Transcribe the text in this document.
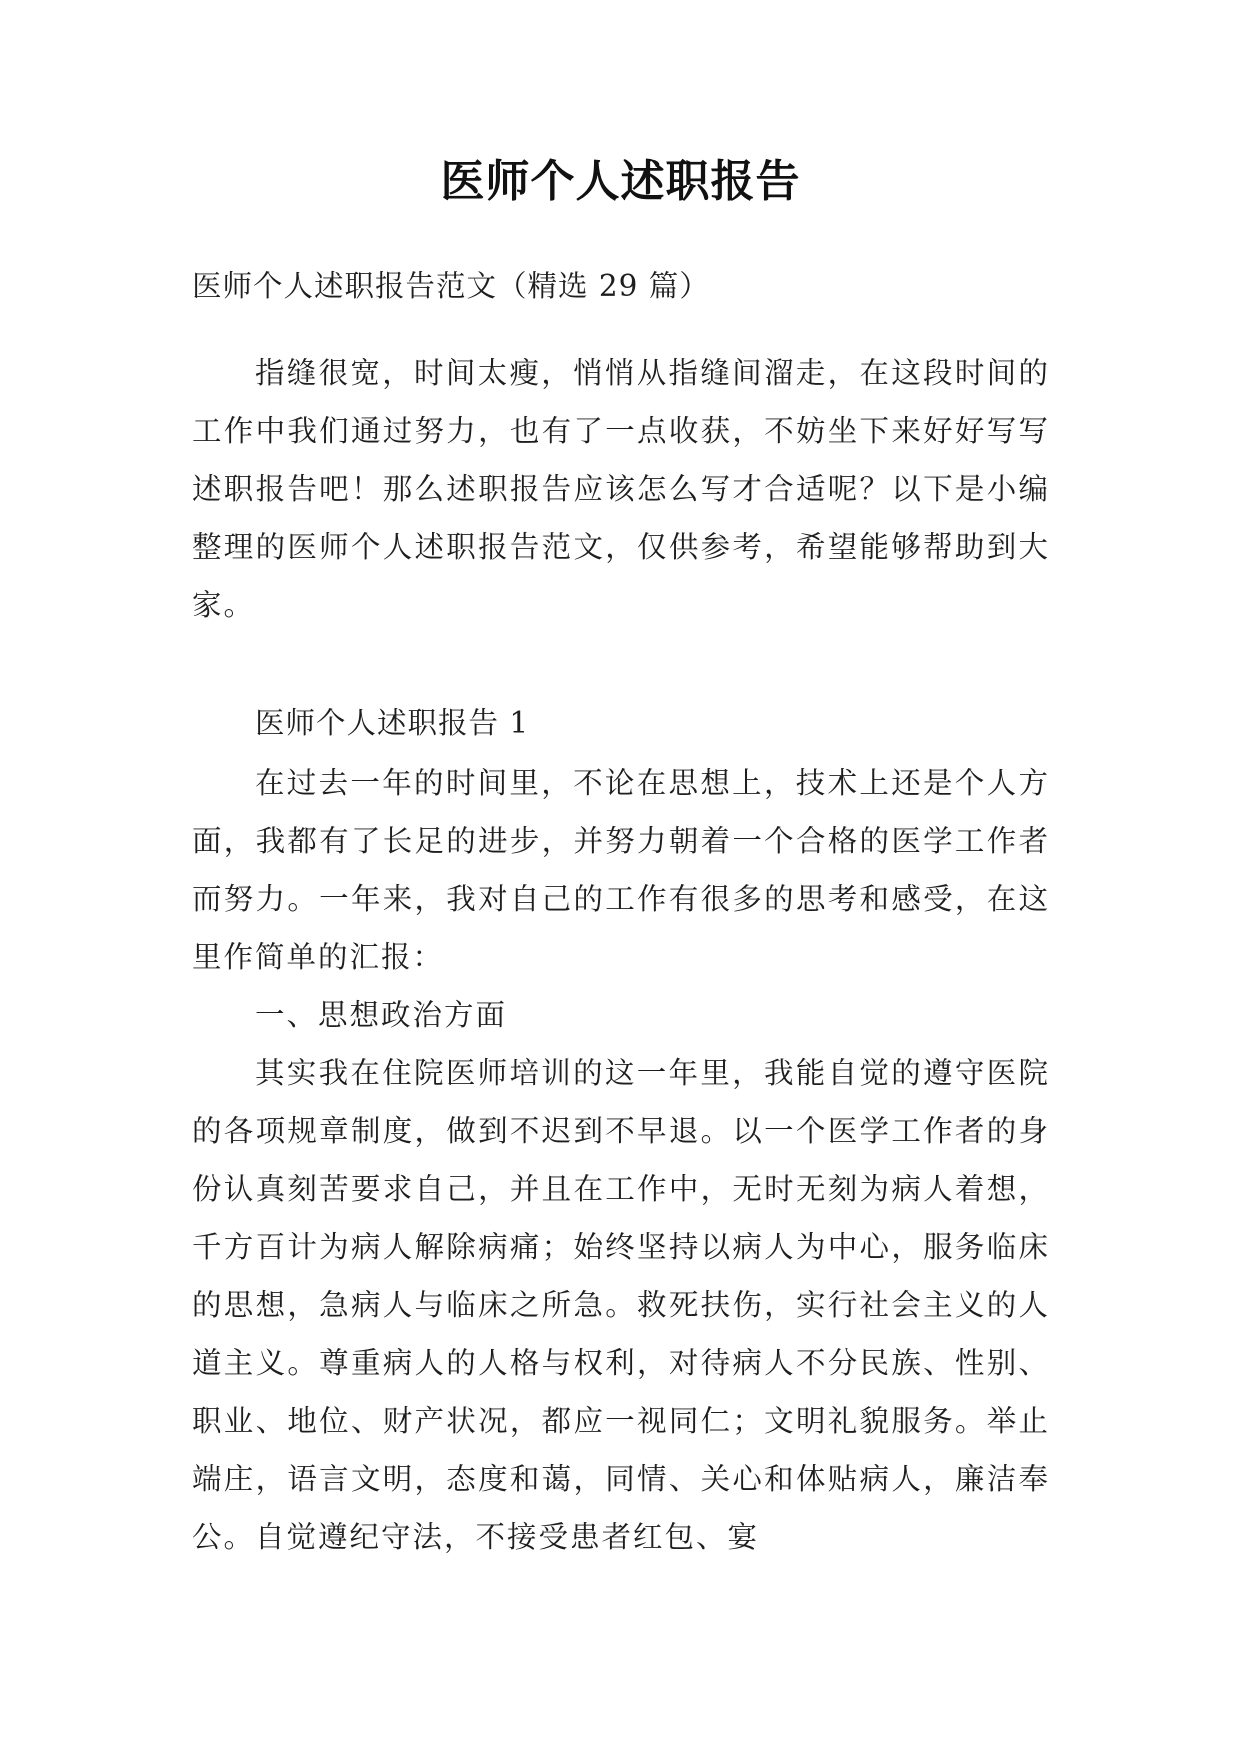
医师个人述职报告
医师个人述职报告范文（精选 29 篇）
指缝很宽，时间太瘦，悄悄从指缝间溜走，在这段时间的工作中我们通过努力，也有了一点收获，不妨坐下来好好写写述职报告吧！那么述职报告应该怎么写才合适呢？以下是小编整理的医师个人述职报告范文，仅供参考，希望能够帮助到大家。
医师个人述职报告 1

在过去一年的时间里，不论在思想上，技术上还是个人方面，我都有了长足的进步，并努力朝着一个合格的医学工作者而努力。一年来，我对自己的工作有很多的思考和感受，在这里作简单的汇报：

一、思想政治方面

其实我在住院医师培训的这一年里，我能自觉的遵守医院的各项规章制度，做到不迟到不早退。以一个医学工作者的身份认真刻苦要求自己，并且在工作中，无时无刻为病人着想，千方百计为病人解除病痛；始终坚持以病人为中心，服务临床的思想，急病人与临床之所急。救死扶伤，实行社会主义的人道主义。尊重病人的人格与权利，对待病人不分民族、性别、职业、地位、财产状况，都应一视同仁；文明礼貌服务。举止端庄，语言文明，态度和蔼，同情、关心和体贴病人，廉洁奉公。自觉遵纪守法，不接受患者红包、宴
